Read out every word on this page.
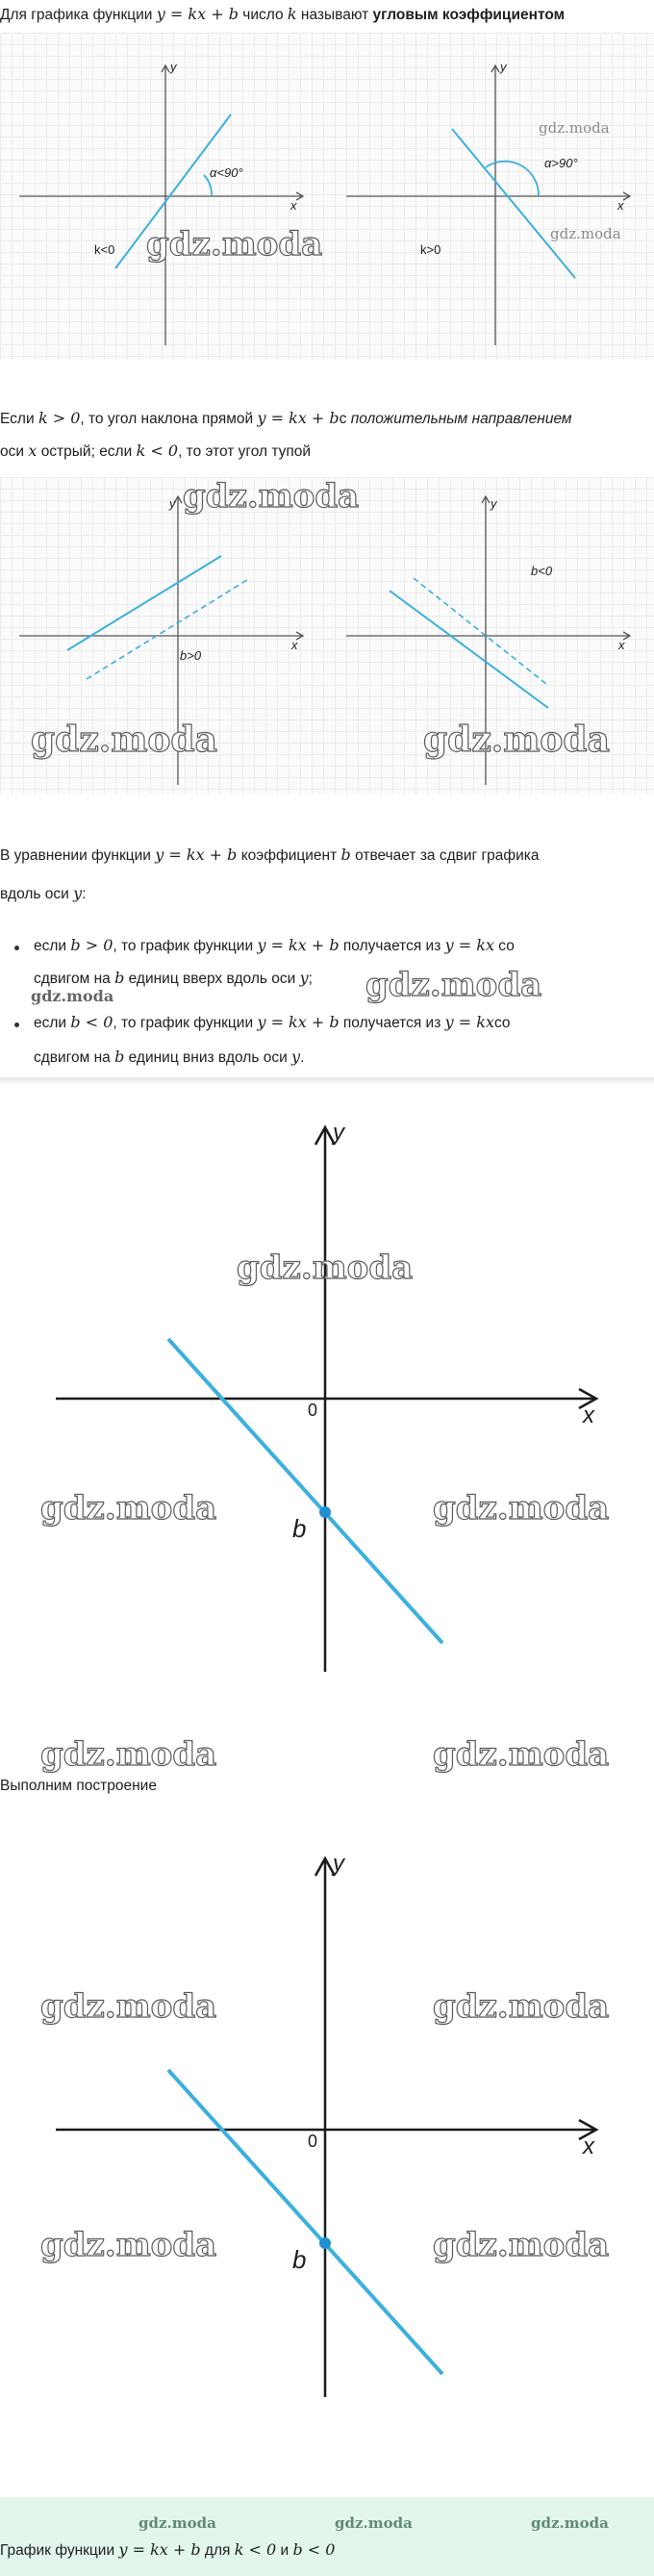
Для графика функции y = kx + b число k называют угловым коэффициентом
y
x
α<90°
k<0
y
x
α>90°
k>0
gdz.moda
gdz.moda
gdz.moda
Если k > 0, то угол наклона прямой y = kx + bс положительным направлением
оси x острый; если k < 0, то этот угол тупой
y
x
b>0
y
x
b<0
gdz.moda
gdz.moda	gdz.moda
В уравнении функции y = kx + b коэффициент b отвечает за сдвиг графика
вдоль оси y:
если b > 0, то график функции y = kx + b получается из y = kx со
сдвигом на b единиц вверх вдоль оси y; gdz.moda
gdz.moda
если b < 0, то график функции y = kx + b получается из y = kxсо
сдвигом на b единиц вниз вдоль оси y.
y
x
0
b
gdz.moda
gdz.moda	gdz.moda
gdz.moda	gdz.moda
Выполним построение
y
x
0
b
gdz.moda	gdz.moda
gdz.moda	gdz.moda
gdz.moda	gdz.moda	gdz.moda
График функции y = kx + b для k < 0 и b < 0
